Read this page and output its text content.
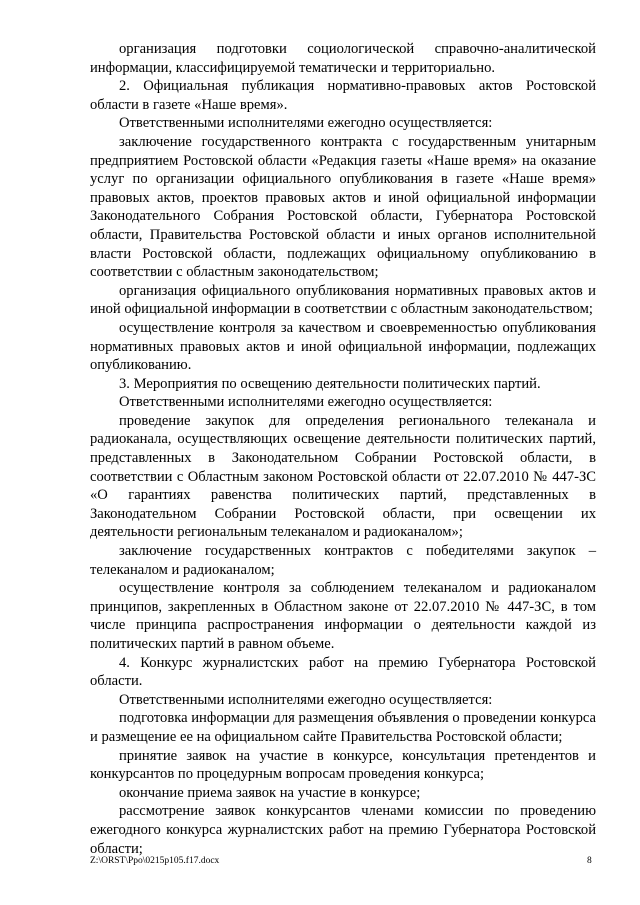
организация подготовки социологической справочно-аналитической информации, классифицируемой тематически и территориально.

2. Официальная публикация нормативно-правовых актов Ростовской области в газете «Наше время».

Ответственными исполнителями ежегодно осуществляется:

заключение государственного контракта с государственным унитарным предприятием Ростовской области «Редакция газеты «Наше время» на оказание услуг по организации официального опубликования в газете «Наше время» правовых актов, проектов правовых актов и иной официальной информации Законодательного Собрания Ростовской области, Губернатора Ростовской области, Правительства Ростовской области и иных органов исполнительной власти Ростовской области, подлежащих официальному опубликованию в соответствии с областным законодательством;

организация официального опубликования нормативных правовых актов и иной официальной информации в соответствии с областным законодательством;

осуществление контроля за качеством и своевременностью опубликования нормативных правовых актов и иной официальной информации, подлежащих опубликованию.

3. Мероприятия по освещению деятельности политических партий.

Ответственными исполнителями ежегодно осуществляется:

проведение закупок для определения регионального телеканала и радиоканала, осуществляющих освещение деятельности политических партий, представленных в Законодательном Собрании Ростовской области, в соответствии с Областным законом Ростовской области от 22.07.2010 № 447-ЗС «О гарантиях равенства политических партий, представленных в Законодательном Собрании Ростовской области, при освещении их деятельности региональным телеканалом и радиоканалом»;

заключение государственных контрактов с победителями закупок – телеканалом и радиоканалом;

осуществление контроля за соблюдением телеканалом и радиоканалом принципов, закрепленных в Областном законе от 22.07.2010 № 447-ЗС, в том числе принципа распространения информации о деятельности каждой из политических партий в равном объеме.

4. Конкурс журналистских работ на премию Губернатора Ростовской области.

Ответственными исполнителями ежегодно осуществляется:

подготовка информации для размещения объявления о проведении конкурса и размещение ее на официальном сайте Правительства Ростовской области;

принятие заявок на участие в конкурсе, консультация претендентов и конкурсантов по процедурным вопросам проведения конкурса;

окончание приема заявок на участие в конкурсе;

рассмотрение заявок конкурсантов членами комиссии по проведению ежегодного конкурса журналистских работ на премию Губернатора Ростовской области;

Z:\ORST\Ppo\0215p105.f17.docx	8
